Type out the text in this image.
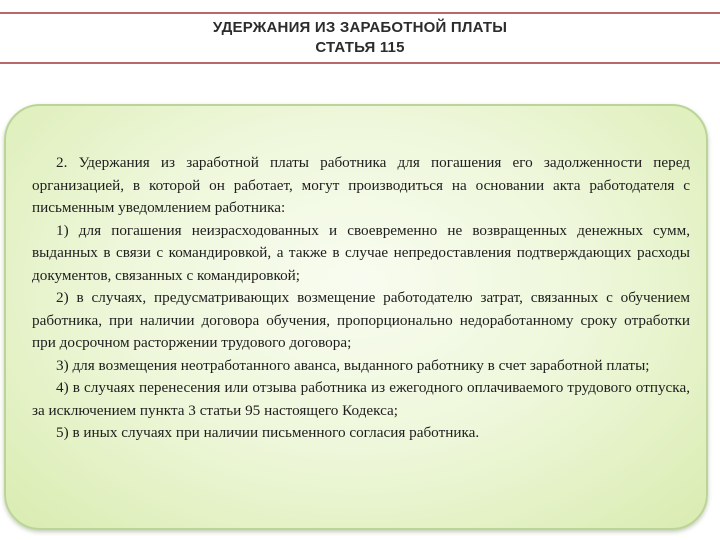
УДЕРЖАНИЯ ИЗ ЗАРАБОТНОЙ ПЛАТЫ
СТАТЬЯ 115

2. Удержания из заработной платы работника для погашения его задолженности перед организацией, в которой он работает, могут производиться на основании акта работодателя с письменным уведомлением работника:

1) для погашения неизрасходованных и своевременно не возвращенных денежных сумм, выданных в связи с командировкой, а также в случае непредоставления подтверждающих расходы документов, связанных с командировкой;

2) в случаях, предусматривающих возмещение работодателю затрат, связанных с обучением работника, при наличии договора обучения, пропорционально недоработанному сроку отработки при досрочном расторжении трудового договора;

3) для возмещения неотработанного аванса, выданного работнику в счет заработной платы;

4) в случаях перенесения или отзыва работника из ежегодного оплачиваемого трудового отпуска, за исключением пункта 3 статьи 95 настоящего Кодекса;

5) в иных случаях при наличии письменного согласия работника.
